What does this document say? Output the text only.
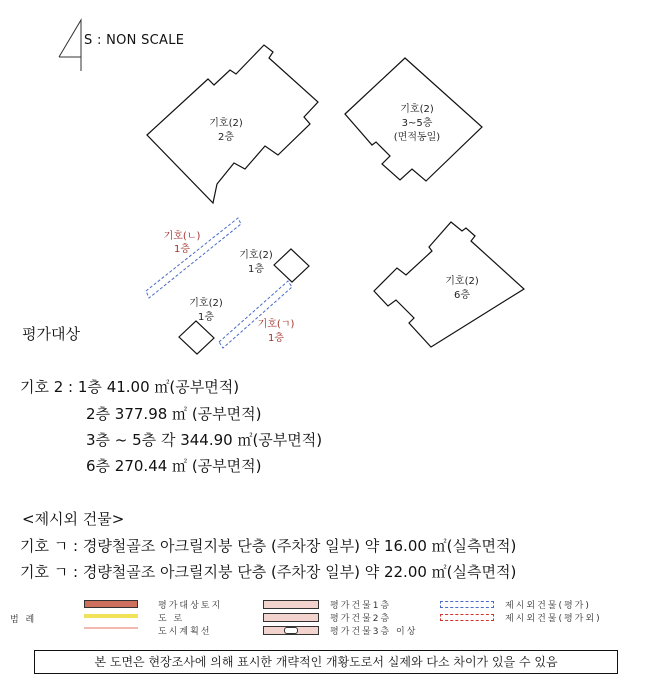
기호(2)
2층
기호(2)
3~5층
(면적동일)
기호(ㄴ)
1층
기호(2)
1층
기호(ㄱ)
1층
기호(2)
1층
기호(2)
6층
S : NON SCALE
평가대상
기호 2 : 1층 41.00 ㎡(공부면적)
2층 377.98 ㎡ (공부면적)
3층 ~ 5층 각 344.90 ㎡(공부면적)
6층 270.44 ㎡ (공부면적)
<제시외 건물>
기호 ㄱ : 경량철골조 아크릴지붕 단층 (주차장 일부) 약 16.00 ㎡(실측면적)
기호 ㄱ : 경량철골조 아크릴지붕 단층 (주차장 일부) 약 22.00 ㎡(실측면적)
범 례
평가대상토지
도 로
도시계획선
평가건물1층
평가건물2층
평가건물3층 이상
제시외건물(평가)
제시외건물(평가외)
본 도면은 현장조사에 의해 표시한 개략적인 개황도로서 실제와 다소 차이가 있을 수 있음
